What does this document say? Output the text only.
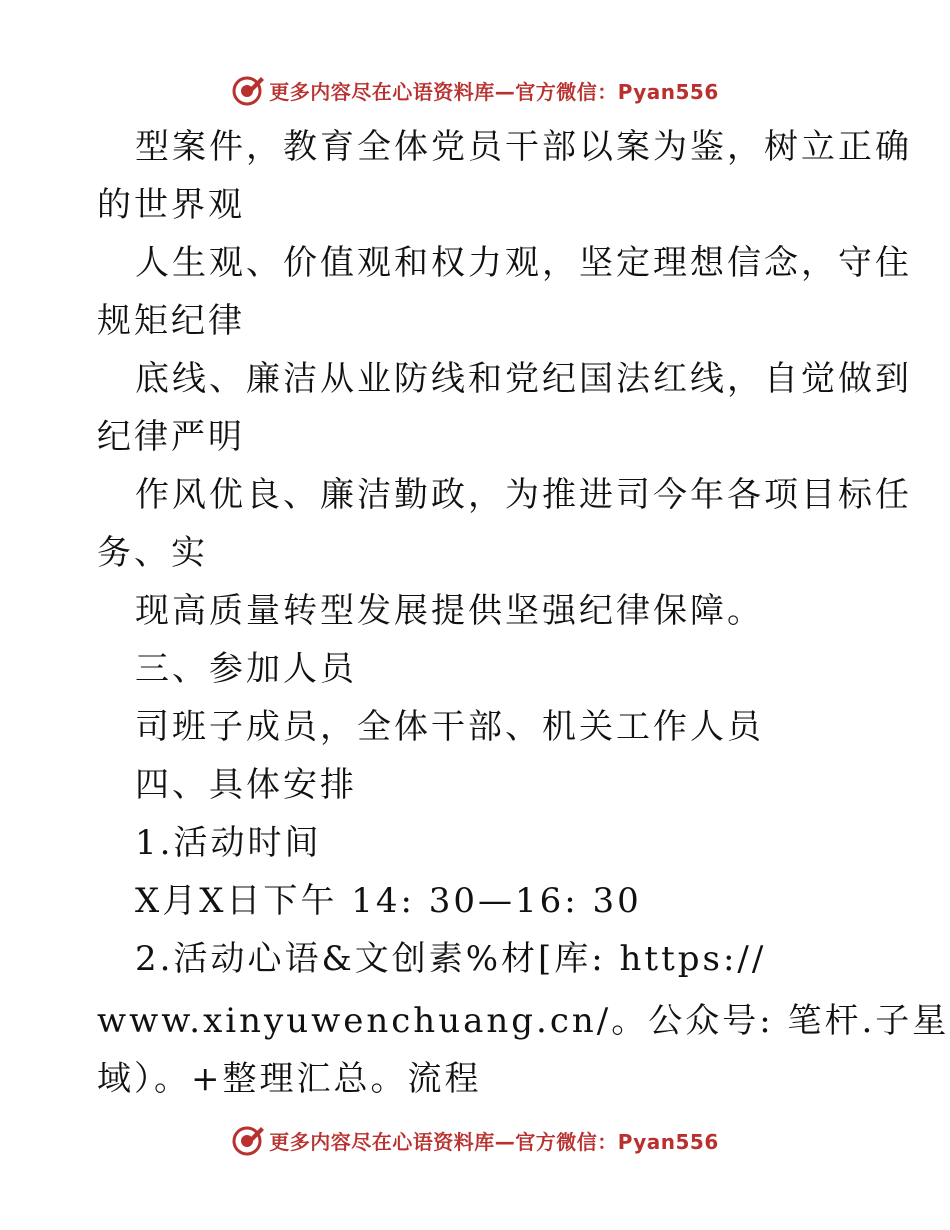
更多内容尽在心语资料库—官方微信：Pyan556
型案件，教育全体党员干部以案为鉴，树立正确
的世界观
人生观、价值观和权力观，坚定理想信念，守住
规矩纪律
底线、廉洁从业防线和党纪国法红线，自觉做到
纪律严明
作风优良、廉洁勤政，为推进司今年各项目标任
务、实
现高质量转型发展提供坚强纪律保障。
三、参加人员
司班子成员，全体干部、机关工作人员
四、具体安排
1.活动时间
X月X日下午 14: 30—16: 30
2.活动心语&文创素%材[库: https://
www.xinyuwenchuang.cn/。公众号: 笔杆.子星
域）。+整理汇总。流程
更多内容尽在心语资料库—官方微信：Pyan556
